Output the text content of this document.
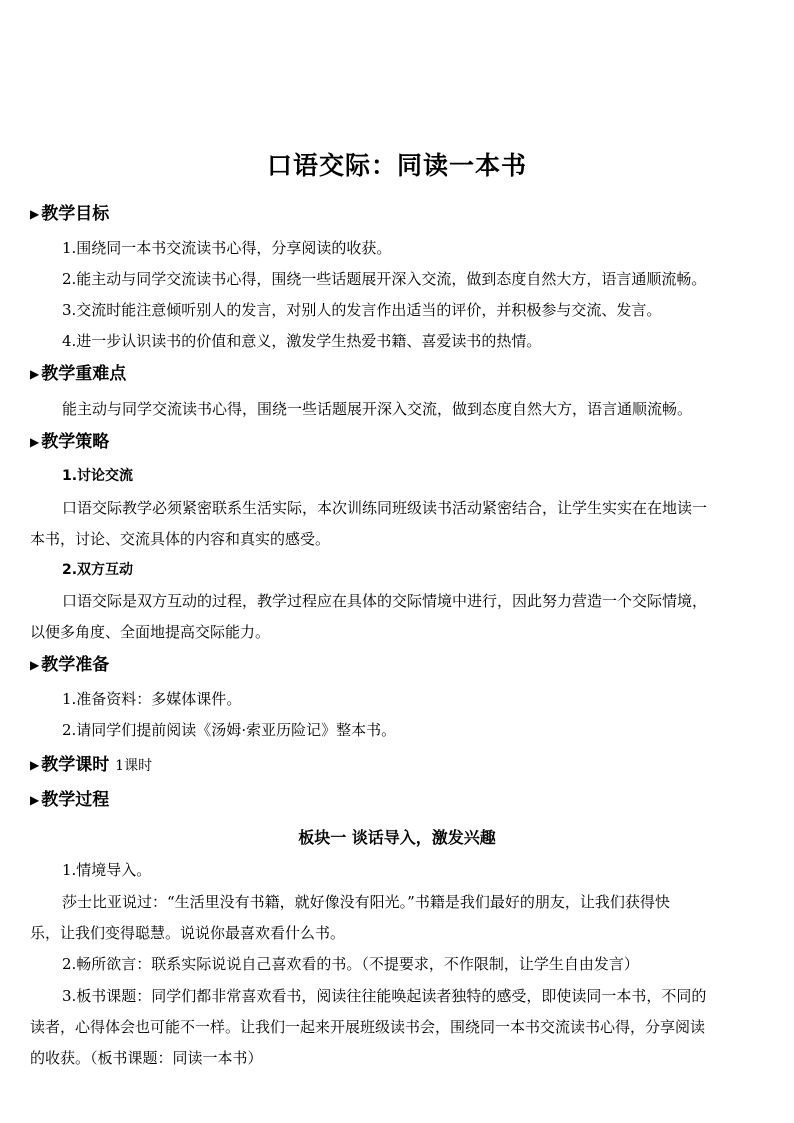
口语交际：同读一本书
▶ 教学目标
1.围绕同一本书交流读书心得，分享阅读的收获。
2.能主动与同学交流读书心得，围绕一些话题展开深入交流，做到态度自然大方，语言通顺流畅。
3.交流时能注意倾听别人的发言，对别人的发言作出适当的评价，并积极参与交流、发言。
4.进一步认识读书的价值和意义，激发学生热爱书籍、喜爱读书的热情。
▶ 教学重难点
能主动与同学交流读书心得，围绕一些话题展开深入交流，做到态度自然大方，语言通顺流畅。
▶ 教学策略
1.讨论交流
口语交际教学必须紧密联系生活实际，本次训练同班级读书活动紧密结合，让学生实实在在地读一
本书，讨论、交流具体的内容和真实的感受。
2.双方互动
口语交际是双方互动的过程，教学过程应在具体的交际情境中进行，因此努力营造一个交际情境，
以便多角度、全面地提高交际能力。
▶ 教学准备
1.准备资料：多媒体课件。
2.请同学们提前阅读《汤姆·索亚历险记》整本书。
▶ 教学课时 1课时
▶ 教学过程
板块一 谈话导入，激发兴趣
1.情境导入。
莎士比亚说过：“生活里没有书籍，就好像没有阳光。”书籍是我们最好的朋友，让我们获得快
乐，让我们变得聪慧。说说你最喜欢看什么书。
2.畅所欲言：联系实际说说自己喜欢看的书。（不提要求，不作限制，让学生自由发言）
3.板书课题：同学们都非常喜欢看书，阅读往往能唤起读者独特的感受，即使读同一本书，不同的
读者，心得体会也可能不一样。让我们一起来开展班级读书会，围绕同一本书交流读书心得，分享阅读
的收获。（板书课题：同读一本书）
